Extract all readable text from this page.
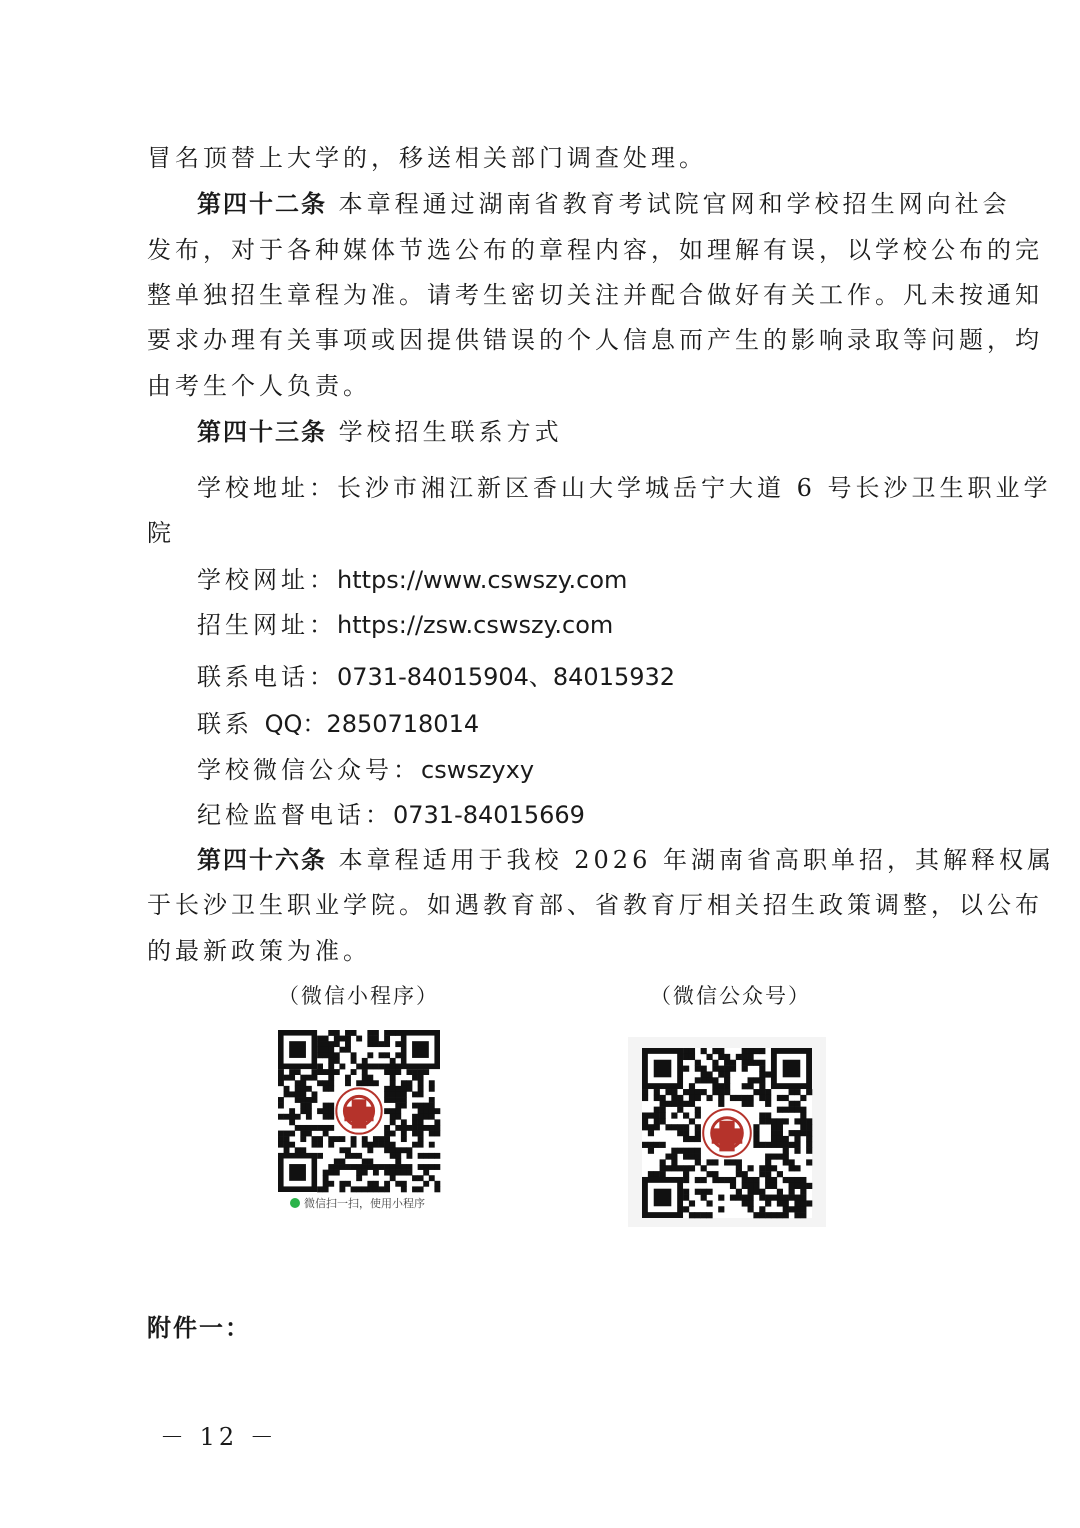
冒名顶替上大学的，移送相关部门调查处理。
第四十二条 本章程通过湖南省教育考试院官网和学校招生网向社会
发布，对于各种媒体节选公布的章程内容，如理解有误，以学校公布的完
整单独招生章程为准。请考生密切关注并配合做好有关工作。凡未按通知
要求办理有关事项或因提供错误的个人信息而产生的影响录取等问题，均
由考生个人负责。
第四十三条 学校招生联系方式
学校地址：长沙市湘江新区香山大学城岳宁大道 6 号长沙卫生职业学
院
学校网址：https://www.cswszy.com
招生网址：https://zsw.cswszy.com
联系电话：0731-84015904、84015932
联系 QQ：2850718014
学校微信公众号：cswszyxy
纪检监督电话：0731-84015669
第四十六条 本章程适用于我校 2026 年湖南省高职单招，其解释权属
于长沙卫生职业学院。如遇教育部、省教育厅相关招生政策调整，以公布
的最新政策为准。
（微信小程序）	（微信公众号）
微信扫一扫，使用小程序
附件一：
－ 12 －
